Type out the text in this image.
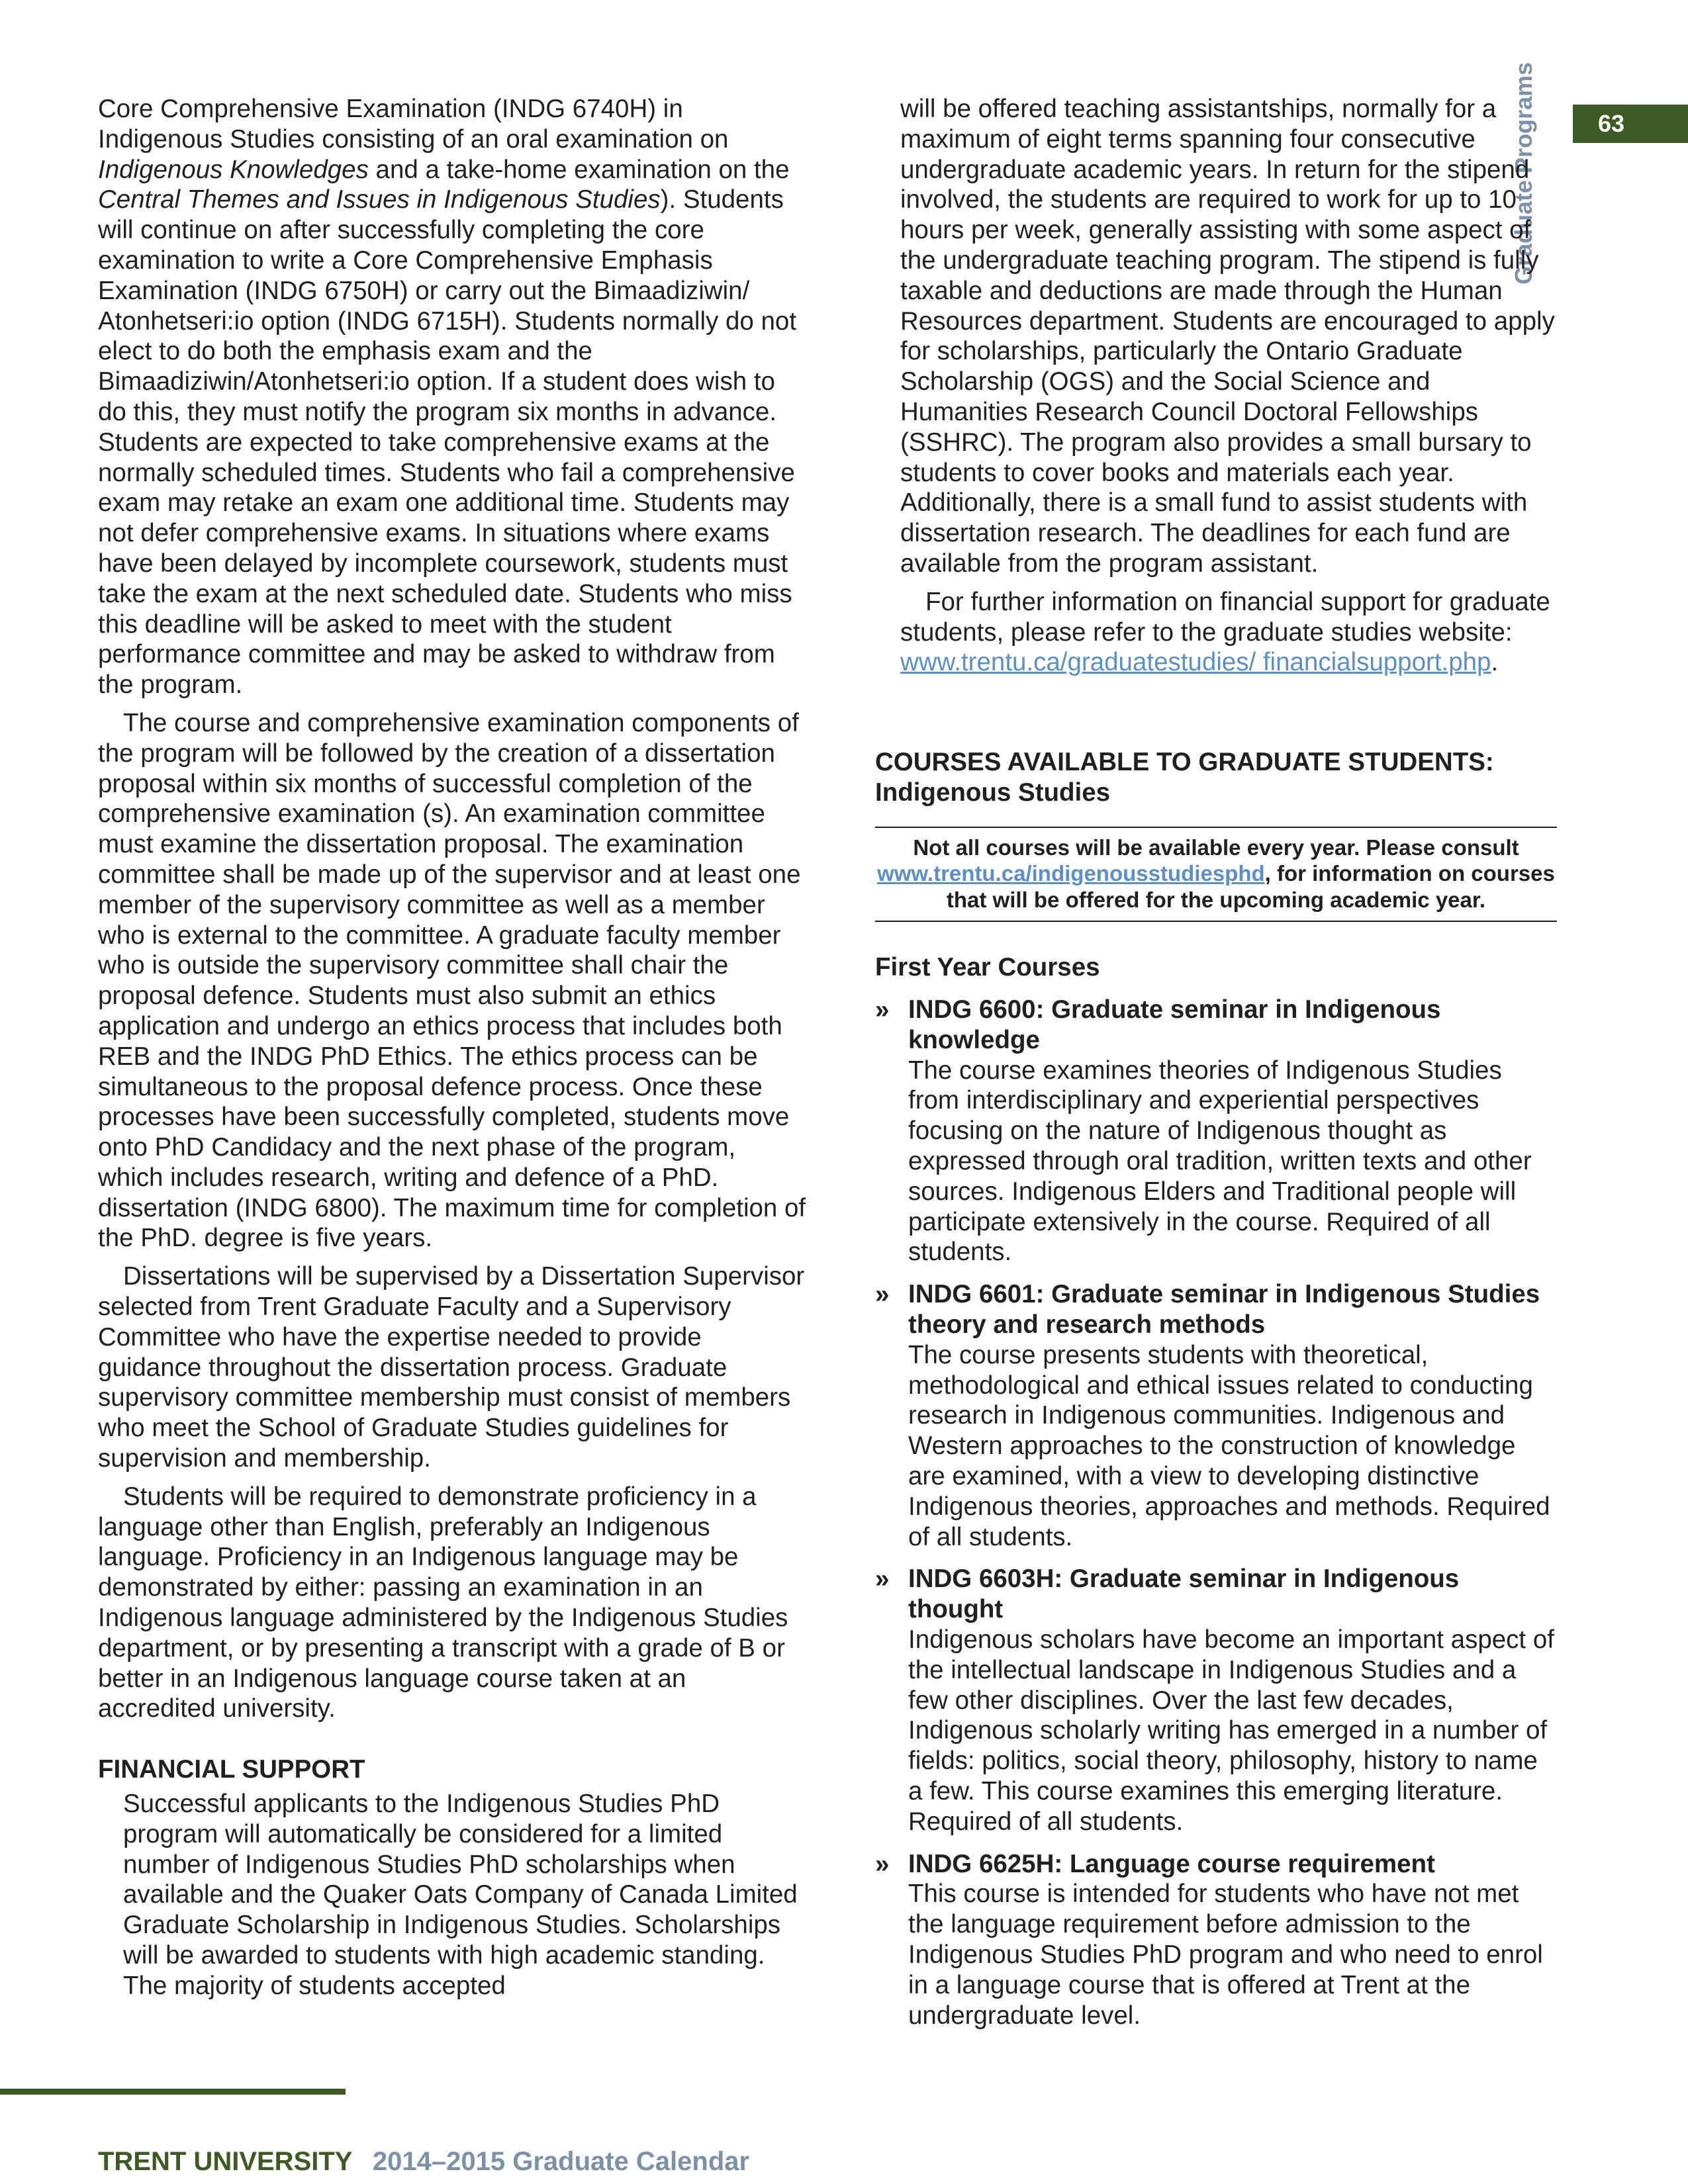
63
Graduate Programs

Core Comprehensive Examination (INDG 6740H) in Indigenous Studies consisting of an oral examination on Indigenous Knowledges and a take-home examination on the Central Themes and Issues in Indigenous Studies). Students will continue on after successfully completing the core examination to write a Core Comprehensive Emphasis Examination (INDG 6750H) or carry out the Bimaadiziwin/ Atonhetseri:io option (INDG 6715H). Students normally do not elect to do both the emphasis exam and the Bimaadiziwin/Atonhetseri:io option. If a student does wish to do this, they must notify the program six months in advance. Students are expected to take comprehensive exams at the normally scheduled times. Students who fail a comprehensive exam may retake an exam one additional time. Students may not defer comprehensive exams. In situations where exams have been delayed by incomplete coursework, students must take the exam at the next scheduled date. Students who miss this deadline will be asked to meet with the student performance committee and may be asked to withdraw from the program.

The course and comprehensive examination components of the program will be followed by the creation of a dissertation proposal within six months of successful completion of the comprehensive examination (s). An examination committee must examine the dissertation proposal. The examination committee shall be made up of the supervisor and at least one member of the supervisory committee as well as a member who is external to the committee. A graduate faculty member who is outside the supervisory committee shall chair the proposal defence. Students must also submit an ethics application and undergo an ethics process that includes both REB and the INDG PhD Ethics. The ethics process can be simultaneous to the proposal defence process. Once these processes have been successfully completed, students move onto PhD Candidacy and the next phase of the program, which includes research, writing and defence of a PhD. dissertation (INDG 6800). The maximum time for completion of the PhD. degree is five years.

Dissertations will be supervised by a Dissertation Supervisor selected from Trent Graduate Faculty and a Supervisory Committee who have the expertise needed to provide guidance throughout the dissertation process. Graduate supervisory committee membership must consist of members who meet the School of Graduate Studies guidelines for supervision and membership.

Students will be required to demonstrate proficiency in a language other than English, preferably an Indigenous language. Proficiency in an Indigenous language may be demonstrated by either: passing an examination in an Indigenous language administered by the Indigenous Studies department, or by presenting a transcript with a grade of B or better in an Indigenous language course taken at an accredited university.

FINANCIAL SUPPORT

Successful applicants to the Indigenous Studies PhD program will automatically be considered for a limited number of Indigenous Studies PhD scholarships when available and the Quaker Oats Company of Canada Limited Graduate Scholarship in Indigenous Studies. Scholarships will be awarded to students with high academic standing. The majority of students accepted

will be offered teaching assistantships, normally for a maximum of eight terms spanning four consecutive undergraduate academic years. In return for the stipend involved, the students are required to work for up to 10 hours per week, generally assisting with some aspect of the undergraduate teaching program. The stipend is fully taxable and deductions are made through the Human Resources department. Students are encouraged to apply for scholarships, particularly the Ontario Graduate Scholarship (OGS) and the Social Science and Humanities Research Council Doctoral Fellowships (SSHRC). The program also provides a small bursary to students to cover books and materials each year. Additionally, there is a small fund to assist students with dissertation research. The deadlines for each fund are available from the program assistant.

For further information on financial support for graduate students, please refer to the graduate studies website: www.trentu.ca/graduatestudies/ financialsupport.php.

COURSES AVAILABLE TO GRADUATE STUDENTS:
Indigenous Studies
Not all courses will be available every year. Please consult www.trentu.ca/indigenousstudiesphd, for information on courses that will be offered for the upcoming academic year.
First Year Courses
» INDG 6600: Graduate seminar in Indigenous knowledge

The course examines theories of Indigenous Studies from interdisciplinary and experiential perspectives focusing on the nature of Indigenous thought as expressed through oral tradition, written texts and other sources. Indigenous Elders and Traditional people will participate extensively in the course. Required of all students.

» INDG 6601: Graduate seminar in Indigenous Studies theory and research methods

The course presents students with theoretical, methodological and ethical issues related to conducting research in Indigenous communities. Indigenous and Western approaches to the construction of knowledge are examined, with a view to developing distinctive Indigenous theories, approaches and methods. Required of all students.

» INDG 6603H: Graduate seminar in Indigenous thought

Indigenous scholars have become an important aspect of the intellectual landscape in Indigenous Studies and a few other disciplines. Over the last few decades, Indigenous scholarly writing has emerged in a number of fields: politics, social theory, philosophy, history to name a few. This course examines this emerging literature. Required of all students.

» INDG 6625H: Language course requirement

This course is intended for students who have not met the language requirement before admission to the Indigenous Studies PhD program and who need to enrol in a language course that is offered at Trent at the undergraduate level.

TRENT UNIVERSITY 2014–2015 Graduate Calendar
